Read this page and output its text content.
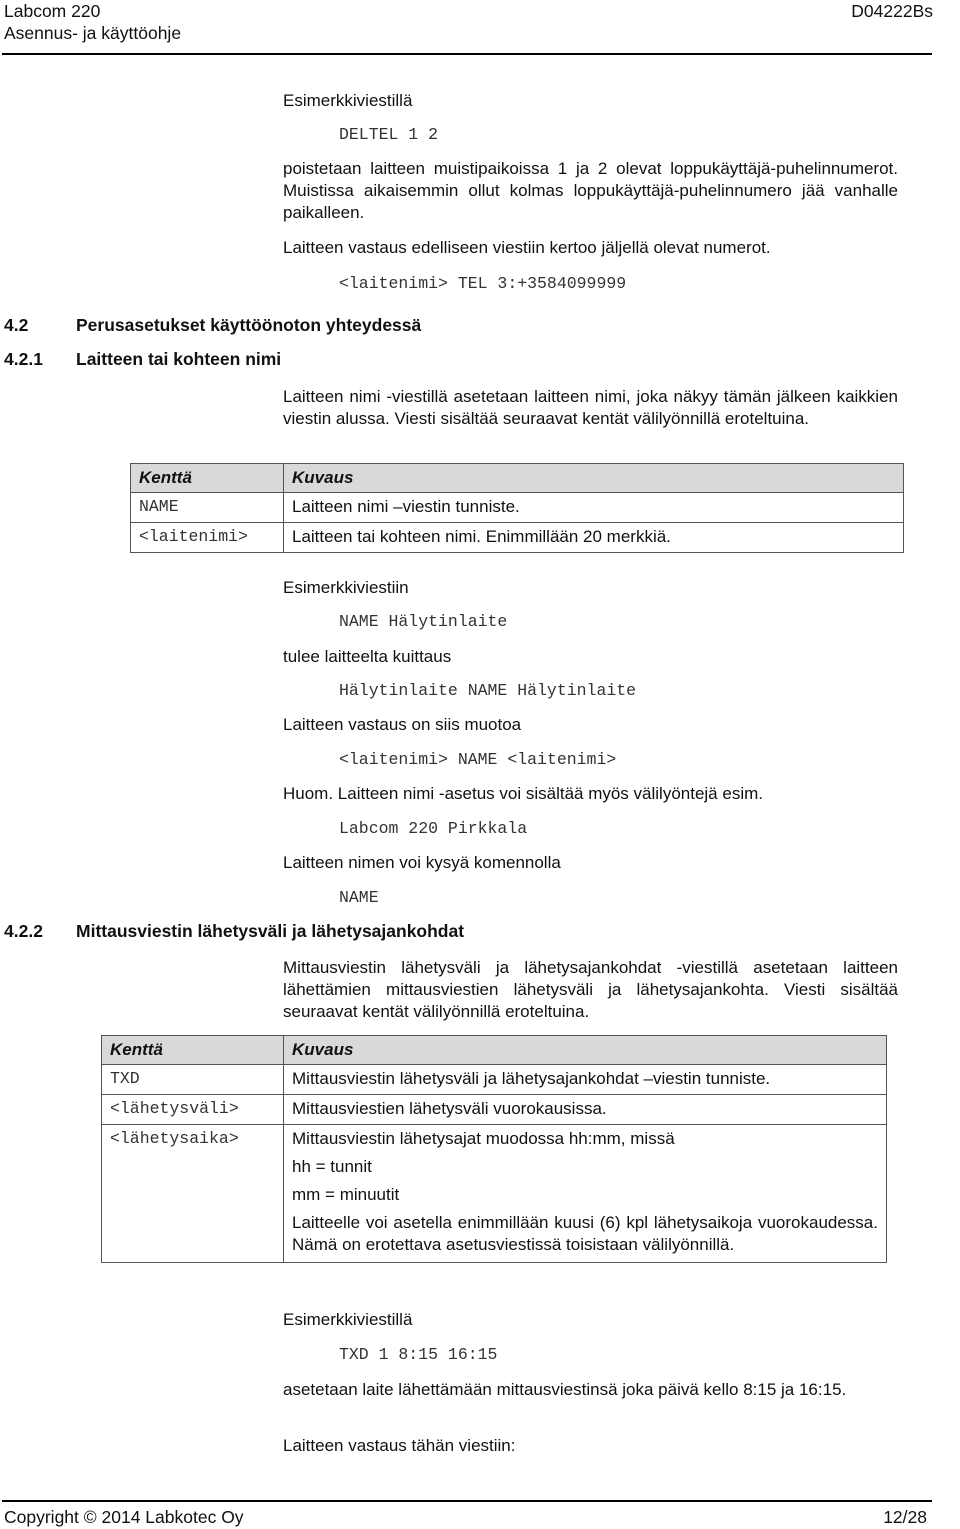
Labcom 220
Asennus- ja käyttöohje
D04222Bs
Esimerkkiviestillä
DELTEL 1 2
poistetaan laitteen muistipaikoissa 1 ja 2 olevat loppukäyttäjä-puhelinnumerot. Muistissa aikaisemmin ollut kolmas loppukäyttäjä-puhelinnumero jää vanhalle paikalleen.
Laitteen vastaus edelliseen viestiin kertoo jäljellä olevat numerot.
<laitenimi> TEL 3:+3584099999
4.2	Perusasetukset käyttöönoton yhteydessä
4.2.1 Laitteen tai kohteen nimi
Laitteen nimi -viestillä asetetaan laitteen nimi, joka näkyy tämän jälkeen kaikkien viestin alussa. Viesti sisältää seuraavat kentät välilyönnillä eroteltuina.
Kenttä	Kuvaus
NAME	Laitteen nimi –viestin tunniste.
<laitenimi>	Laitteen tai kohteen nimi. Enimmillään 20 merkkiä.
Esimerkkiviestiin
NAME Hälytinlaite
tulee laitteelta kuittaus
Hälytinlaite NAME Hälytinlaite
Laitteen vastaus on siis muotoa
<laitenimi> NAME <laitenimi>
Huom. Laitteen nimi -asetus voi sisältää myös välilyöntejä esim.
Labcom 220 Pirkkala
Laitteen nimen voi kysyä komennolla
NAME
4.2.2 Mittausviestin lähetysväli ja lähetysajankohdat
Mittausviestin lähetysväli ja lähetysajankohdat -viestillä asetetaan laitteen lähettämien mittausviestien lähetysväli ja lähetysajankohta. Viesti sisältää seuraavat kentät välilyönnillä eroteltuina.
Kenttä	Kuvaus
TXD	Mittausviestin lähetysväli ja lähetysajankohdat –viestin tunniste.
<lähetysväli>	Mittausviestien lähetysväli vuorokausissa.
<lähetysaika>	Mittausviestin lähetysajat muodossa hh:mm, missä
hh = tunnit
mm = minuutit
Laitteelle voi asetella enimmillään kuusi (6) kpl lähetysaikoja vuorokaudessa. Nämä on erotettava asetusviestissä toisistaan välilyönnillä.
Esimerkkiviestillä
TXD 1 8:15 16:15
asetetaan laite lähettämään mittausviestinsä joka päivä kello 8:15 ja 16:15.
Laitteen vastaus tähän viestiin:
Copyright © 2014 Labkotec Oy	12/28
